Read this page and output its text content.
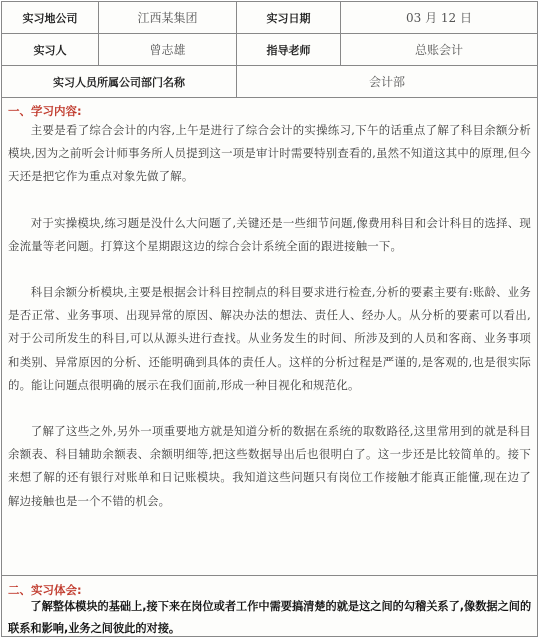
实习地公司	江西某集团	实习日期	03 月 12 日
实习人	曾志雄	指导老师	总账会计
实习人员所属公司部门名称	会计部
一、学习内容:

主要是看了综合会计的内容,上午是进行了综合会计的实操练习,下午的话重点了解了科目余额分析模块,因为之前听会计师事务所人员提到这一项是审计时需要特别查看的,虽然不知道这其中的原理,但今天还是把它作为重点对象先做了解。

对于实操模块,练习题是没什么大问题了,关键还是一些细节问题,像费用科目和会计科目的选择、现金流量等老问题。打算这个星期跟这边的综合会计系统全面的跟进接触一下。

科目余额分析模块,主要是根据会计科目控制点的科目要求进行检查,分析的要素主要有:账龄、业务是否正常、业务事项、出现异常的原因、解决办法的想法、责任人、经办人。从分析的要素可以看出,对于公司所发生的科目,可以从源头进行查找。从业务发生的时间、所涉及到的人员和客商、业务事项和类别、异常原因的分析、还能明确到具体的责任人。这样的分析过程是严谨的,是客观的,也是很实际的。能让问题点很明确的展示在我们面前,形成一种目视化和规范化。

了解了这些之外,另外一项重要地方就是知道分析的数据在系统的取数路径,这里常用到的就是科目余额表、科目辅助余额表、余额明细等,把这些数据导出后也很明白了。这一步还是比较简单的。接下来想了解的还有银行对账单和日记账模块。我知道这些问题只有岗位工作接触才能真正能懂,现在边了解边接触也是一个不错的机会。

二、实习体会:
了解整体模块的基础上,接下来在岗位或者工作中需要搞清楚的就是这之间的勾稽关系了,像数据之间的联系和影响,业务之间彼此的对接。
